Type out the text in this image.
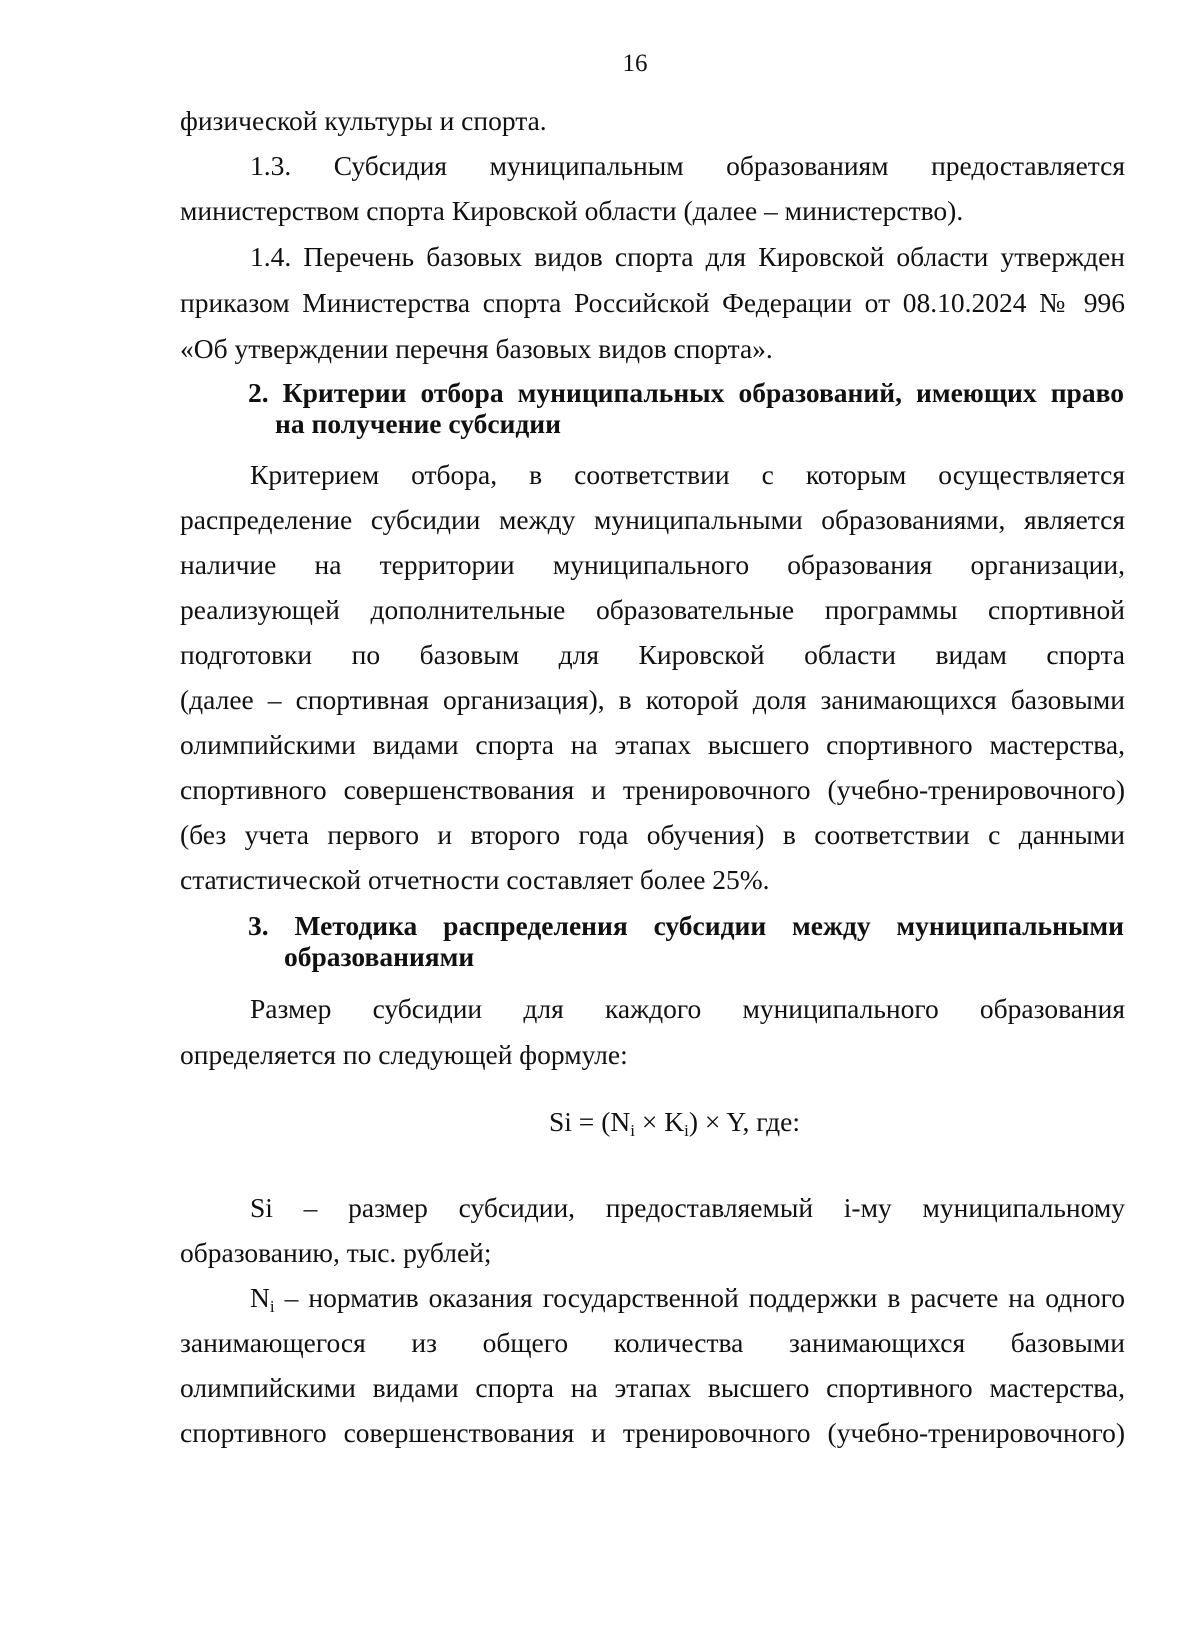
16
физической культуры и спорта.
1.3. Субсидия муниципальным образованиям предоставляется
министерством спорта Кировской области (далее – министерство).
1.4. Перечень базовых видов спорта для Кировской области утвержден
приказом Министерства спорта Российской Федерации от 08.10.2024 № 996
«Об утверждении перечня базовых видов спорта».
2. Критерии отбора муниципальных образований, имеющих право
на получение субсидии
Критерием отбора, в соответствии с которым осуществляется
распределение субсидии между муниципальными образованиями, является
наличие на территории муниципального образования организации,
реализующей дополнительные образовательные программы спортивной
подготовки по базовым для Кировской области видам спорта
(далее – спортивная организация), в которой доля занимающихся базовыми
олимпийскими видами спорта на этапах высшего спортивного мастерства,
спортивного совершенствования и тренировочного (учебно-тренировочного)
(без учета первого и второго года обучения) в соответствии с данными
статистической отчетности составляет более 25%.
3. Методика распределения субсидии между муниципальными
образованиями
Размер субсидии для каждого муниципального образования
определяется по следующей формуле:
$Si = (N_i \times K_i) \times Y$, где:
Si – размер субсидии, предоставляемый i-му муниципальному
образованию, тыс. рублей;
$N_i$ – норматив оказания государственной поддержки в расчете на одного
занимающегося из общего количества занимающихся базовыми
олимпийскими видами спорта на этапах высшего спортивного мастерства,
спортивного совершенствования и тренировочного (учебно-тренировочного)
